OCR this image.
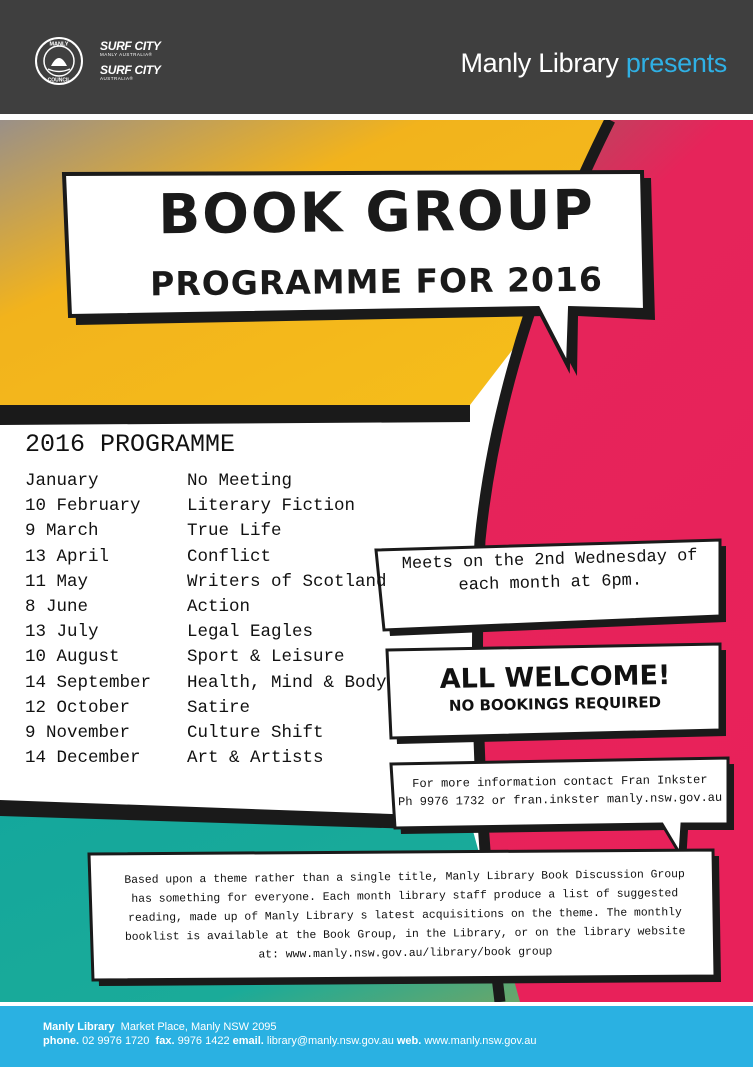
MANLY
COUNCIL
SURF CITY
MANLY AUSTRALIA®
SURF CITY
AUSTRALIA®
Manly Library presents
BOOK GROUP
PROGRAMME FOR 2016
2016 PROGRAMME
January	No Meeting
10 February	Literary Fiction
9 March	True Life
13 April	Conflict
11 May	Writers of Scotland
8 June	Action
13 July	Legal Eagles
10 August	Sport & Leisure
14 September Health, Mind & Body
12 October	Satire
9 November	Culture Shift
14 December	Art & Artists
Meets on the 2nd Wednesday of
each month at 6pm.
ALL WELCOME!
NO BOOKINGS REQUIRED
For more information contact Fran Inkster
Ph 9976 1732 or fran.inkster manly.nsw.gov.au
Based upon a theme rather than a single title, Manly Library Book Discussion Group
has something for everyone. Each month library staff produce a list of suggested
reading, made up of Manly Library s latest acquisitions on the theme. The monthly
booklist is available at the Book Group, in the Library, or on the library website
at: www.manly.nsw.gov.au/library/book group
Manly Library Market Place, Manly NSW 2095
phone. 02 9976 1720 fax. 9976 1422 email. library@manly.nsw.gov.au web. www.manly.nsw.gov.au
